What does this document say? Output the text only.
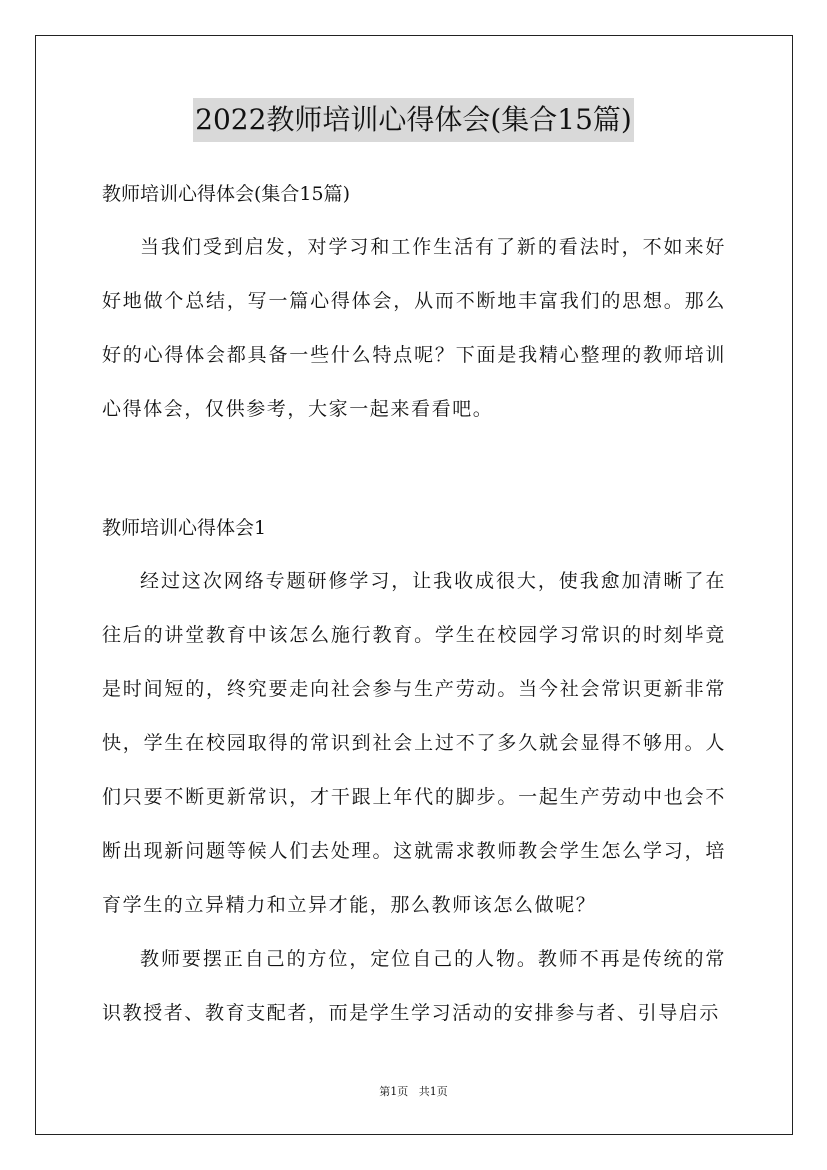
2022教师培训心得体会(集合15篇)

教师培训心得体会(集合15篇)

当我们受到启发，对学习和工作生活有了新的看法时，不如来好好地做个总结，写一篇心得体会，从而不断地丰富我们的思想。那么好的心得体会都具备一些什么特点呢？下面是我精心整理的教师培训心得体会，仅供参考，大家一起来看看吧。

教师培训心得体会1

经过这次网络专题研修学习，让我收成很大，使我愈加清晰了在往后的讲堂教育中该怎么施行教育。学生在校园学习常识的时刻毕竟是时间短的，终究要走向社会参与生产劳动。当今社会常识更新非常快，学生在校园取得的常识到社会上过不了多久就会显得不够用。人们只要不断更新常识，才干跟上年代的脚步。一起生产劳动中也会不断出现新问题等候人们去处理。这就需求教师教会学生怎么学习，培育学生的立异精力和立异才能，那么教师该怎么做呢？

教师要摆正自己的方位，定位自己的人物。教师不再是传统的常识教授者、教育支配者，而是学生学习活动的安排参与者、引导启示

第1页 共1页
